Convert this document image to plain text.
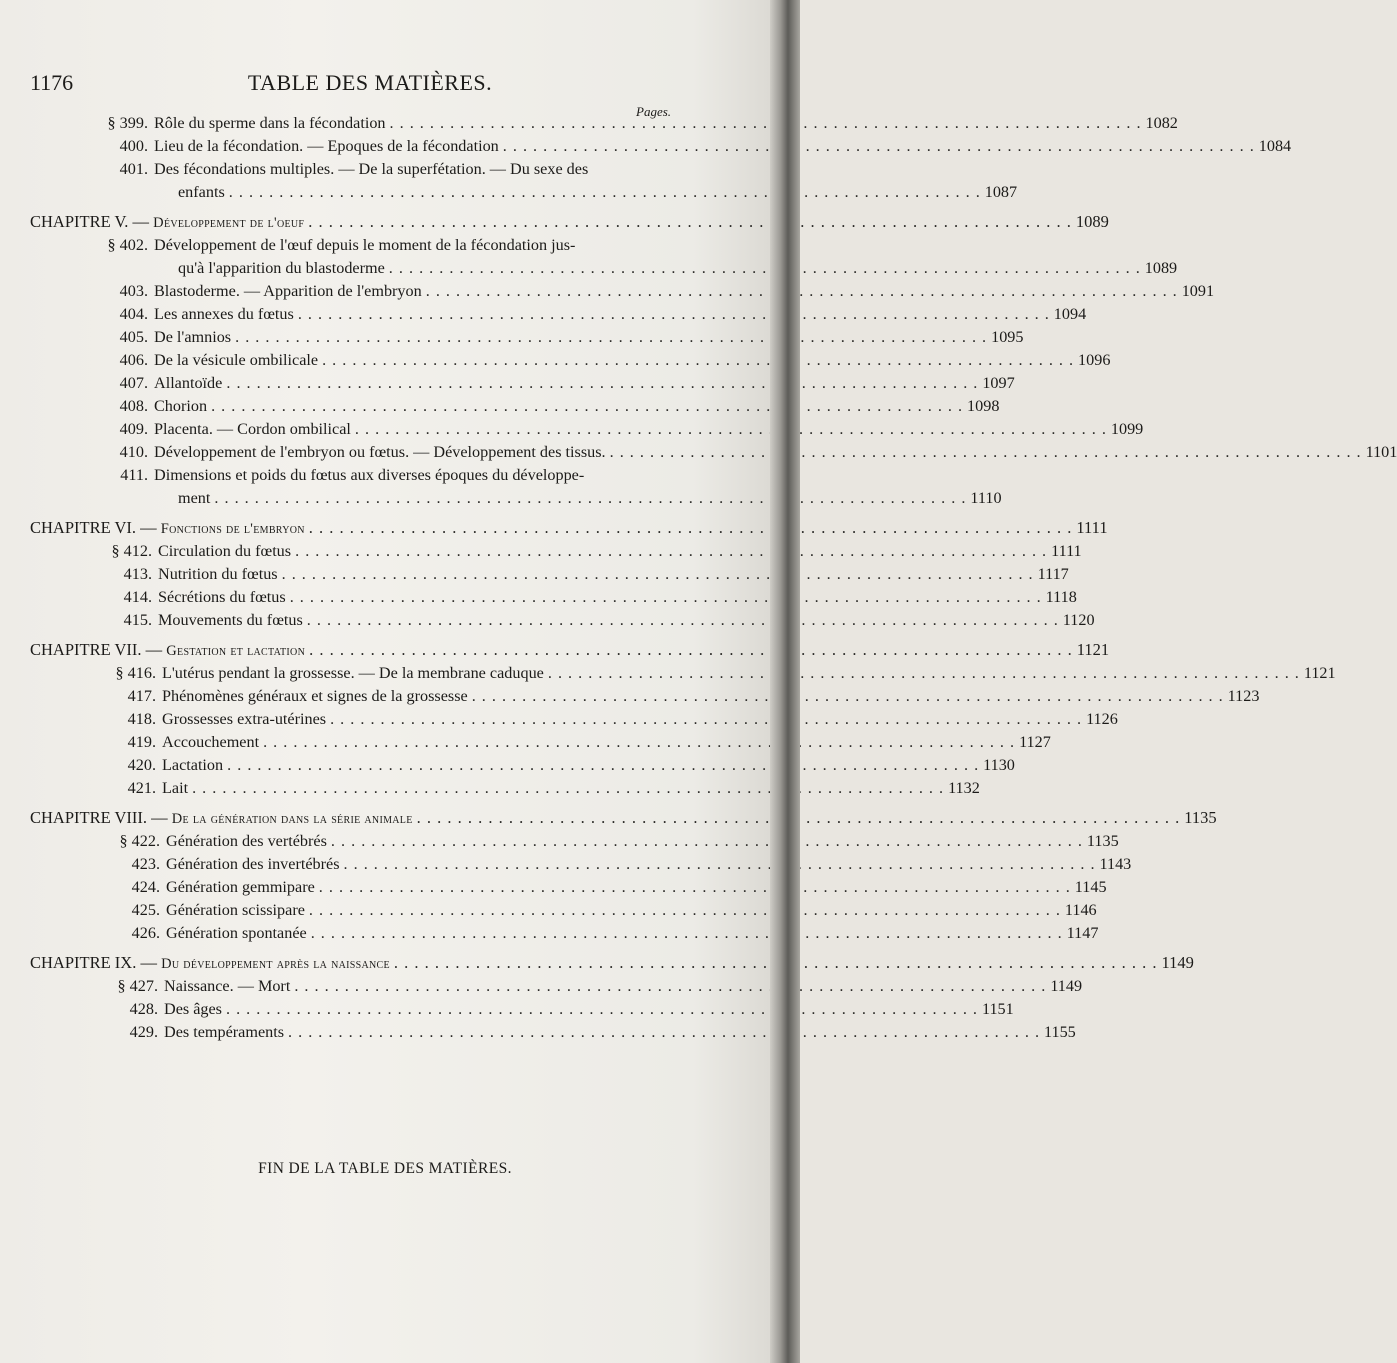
1176	TABLE DES MATIÈRES.
Pages.
§ 399. Rôle du sperme dans la fécondation . . .	1082
400. Lieu de la fécondation. — Epoques de la fécondation . . .	1084
401. Des fécondations multiples. — De la superfétation. — Du sexe des
enfants . . .	1087
CHAPITRE V. — Développement de l'oeuf . . .	1089
§ 402. Développement de l'œuf depuis le moment de la fécondation jus-
qu'à l'apparition du blastoderme . . .	1089
403. Blastoderme. — Apparition de l'embryon . . .	1091
404. Les annexes du fœtus . . .	1094
405. De l'amnios . . .	1095
406. De la vésicule ombilicale . . .	1096
407. Allantoïde . . .	1097
408. Chorion . . .	1098
409. Placenta. — Cordon ombilical . . .	1099
410. Développement de l'embryon ou fœtus. — Développement des tissus. . . .	1101
411. Dimensions et poids du fœtus aux diverses époques du développe-
ment . . .	1110
CHAPITRE VI. — Fonctions de l'embryon . . .	1111
§ 412. Circulation du fœtus . . .	1111
413. Nutrition du fœtus . . .	1117
414. Sécrétions du fœtus . . .	1118
415. Mouvements du fœtus . . .	1120
CHAPITRE VII. — Gestation et lactation . . .	1121
§ 416. L'utérus pendant la grossesse. — De la membrane caduque . . .	1121
417. Phénomènes généraux et signes de la grossesse . . .	1123
418. Grossesses extra-utérines . . .	1126
419. Accouchement . . .	1127
420. Lactation . . .	1130
421. Lait . . .	1132
CHAPITRE VIII. — De la génération dans la série animale . . .	1135
§ 422. Génération des vertébrés . . .	1135
423. Génération des invertébrés . . .	1143
424. Génération gemmipare . . .	1145
425. Génération scissipare . . .	1146
426. Génération spontanée . . .	1147
CHAPITRE IX. — Du développement après la naissance . . .	1149
§ 427. Naissance. — Mort . . .	1149
428. Des âges . . .	1151
429. Des tempéraments . . .	1155
FIN DE LA TABLE DES MATIÈRES.
